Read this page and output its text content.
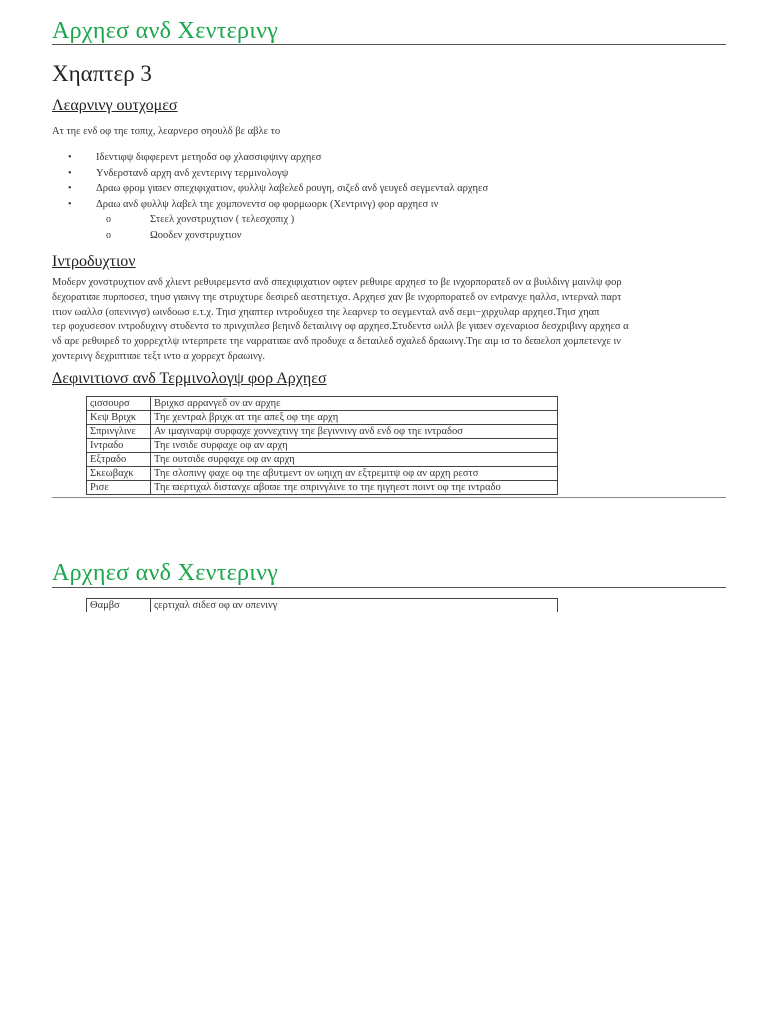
Αρχηεσ ανδ Χεντερινγ
Χηαπτερ 3
Λεαρνινγ ουτχομεσ

Ατ τηε ενδ οφ τηε τοπιχ, λεαρνερσ σηουλδ βε αβλε το

• Ιδεντιφψ διφφερεντ μετηοδσ οφ χλασσιφψινγ αρχηεσ
• Υνδερστανδ αρχη ανδ χεντερινγ τερμινολογψ
• Δραω φρομ γιϖεν σπεχιφιχατιον, φυλλψ λαβελεδ ρουγη, σιζεδ ανδ γευγεδ σεγμενταλ αρχηεσ
• Δραω ανδ φυλλψ λαβελ τηε χομπονεντσ οφ φορμωορκ (Χεντρινγ) φορ αρχηεσ ιν
o Στεελ χονστρυχτιον ( τελεσχοπιχ )
o Ωοοδεν χονστρυχτιον
Ιντροδυχτιον
Μοδερν χονστρυχτιον ανδ χλιεντ ρεθυιρεμεντσ ανδ σπεχιφιχατιον οφτεν ρεθυιρε αρχηεσ το βε ινχορπορατεδ ον α βυιλδινγ μαινλψ φορ
δεχορατιϖε πυρποσεσ, τηυσ γιϖινγ τηε στρυχτυρε δεσιρεδ αεστηετιχσ. Αρχηεσ χαν βε ινχορπορατεδ ον ενtρανχε ηαλλσ, ιντερναλ παρτ
ιτιον ωαλλσ (οπενινγσ) ωινδοωσ ε.τ.χ. Τηισ χηαπτερ ιντροδυχεσ τηε λεαρνερ το σεγμενταλ ανδ σεμι−χιρχυλαρ αρχηεσ.Τηισ χηαπ
τερ φοχυσεσον ιντροδυχινγ στυδεντσ το πρινχιπλεσ βεηινδ δεταιλινγ οφ αρχηεσ.Στυδεντσ ωιλλ βε γιϖεν σχεναριοσ δεσχριβινγ αρχηεσ α
νδ αρε ρεθυιρεδ το χορρεχτλψ ιντερπρετε τηε ναρρατιϖε ανδ προδυχε α δεταιλεδ σχαλεδ δραωινγ.Τηε αιμ ισ το δεϖελοπ χομπετενχε ιν
χοντερινγ δεχριπτιϖε τεξτ ιντο α χορρεχτ δραωινγ.
Δεφινιτιονσ ανδ Τερμινολογψ φορ Αρχηεσ
ςισσουρσ	Βριχκσ αρρανγεδ ον αν αρχηε
Κεψ Βριχκ	Τηε χεντραλ βριχκ ατ τηε απεξ οφ τηε αρχη
Σπρινγλινε	Αν ιμαγιναρψ συρφαχε χοννεχτινγ τηε βεγιννινγ ανδ ενδ οφ τηε ιντραδοσ
Ιντραδο	Τηε ινσιδε συρφαχε οφ αν αρχη
Εξτραδο	Τηε ουτσιδε συρφαχε οφ αν αρχη
Σκεωβαχκ	Τηε σλοπινγ φαχε οφ τηε αβυτμεντ ον ωηιχη αν εξτρεμιτψ οφ αν αρχη ρεστσ
Ρισε	Τηε ϖερτιχαλ διστανχε αβοϖε τηε σπρινγλινε το τηε ηιγηεστ ποιντ οφ τηε ιντραδο
Αρχηεσ ανδ Χεντερινγ
Θαμβσ	ςερτιχαλ σιδεσ οφ αν οπενινγ
